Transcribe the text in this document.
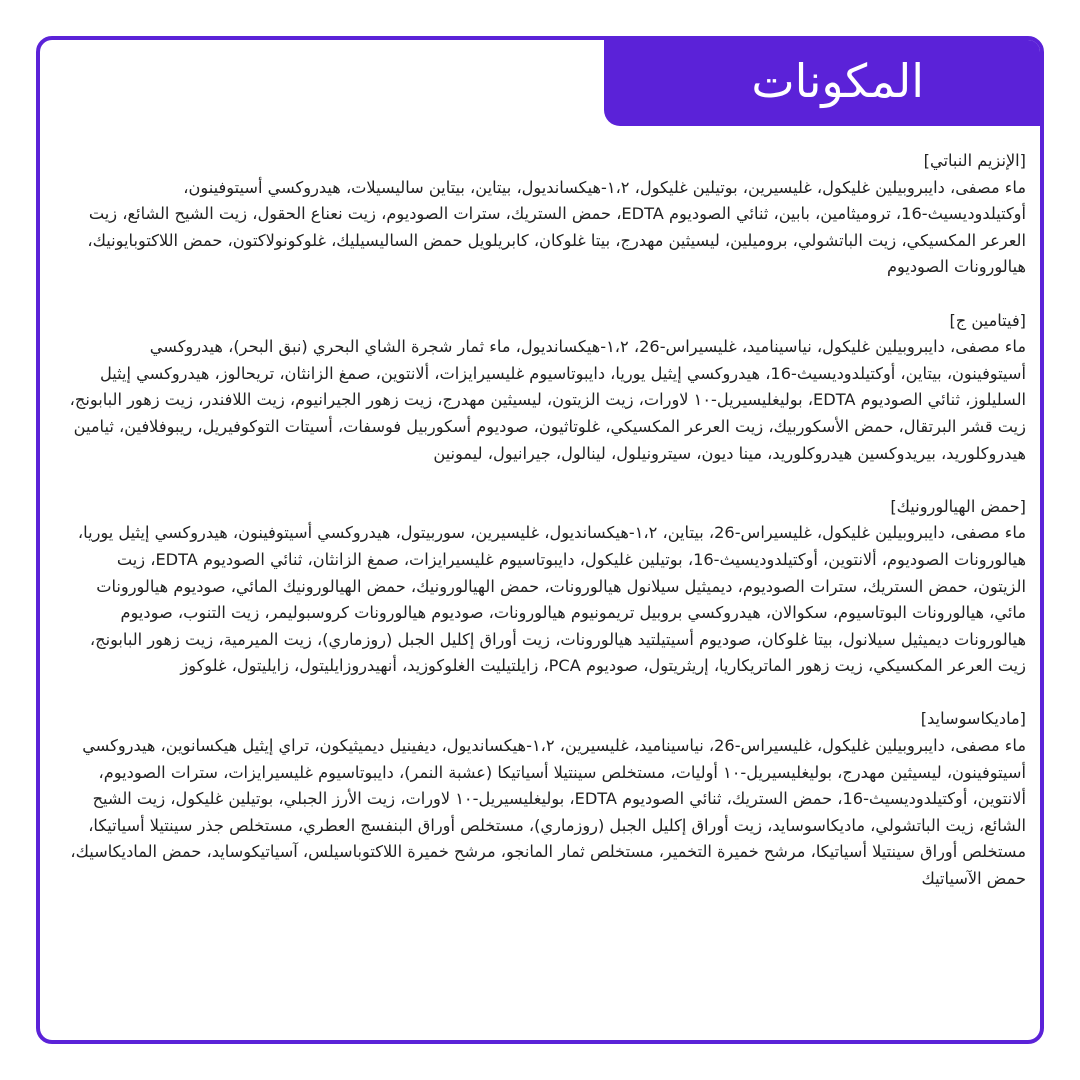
المكونات
[الإنزيم النباتي]
ماء مصفى، دايبروبيلين غليكول، غليسيرين، بوتيلين غليكول، ١،٢-هيكسانديول، بيتاين، بيتاين ساليسيلات، هيدروكسي أسيتوفينون، أوكتيلدوديسيث-16، ترومیثامین، بابین، ثنائي الصوديوم EDTA، حمض الستريك، سترات الصوديوم، زيت نعناع الحقول، زيت الشيح الشائع، زيت العرعر المكسيكي، زيت الباتشولي، بروميلين، ليسيثين مهدرج، بيتا غلوكان، كابريلويل حمض الساليسيليك، غلوكونولاكتون، حمض اللاكتوبايونيك، هيالورونات الصوديوم
[فيتامين ج]
ماء مصفى، دايبروبيلين غليكول، نياسيناميد، غليسيراس-26، ١،٢-هيكسانديول، ماء ثمار شجرة الشاي البحري (نبق البحر)، هيدروكسي أسيتوفينون، بيتاين، أوكتيلدوديسيث-16، هيدروكسي إيثيل يوريا، دايبوتاسيوم غليسيرايزات، ألانتوين، صمغ الزانثان، تريحالوز، هيدروكسي إيثيل السليلوز، ثنائي الصوديوم EDTA، بوليغليسيريل-١٠ لاورات، زيت الزيتون، ليسيثين مهدرج، زيت زهور الجيرانيوم، زيت اللافندر، زيت زهور البابونج، زيت قشر البرتقال، حمض الأسكوربيك، زيت العرعر المكسيكي، غلوتاثيون، صوديوم أسكوربيل فوسفات، أسيتات التوكوفيريل، ريبوفلافين، ثيامين هيدروكلوريد، بيريدوكسين هيدروكلوريد، مينا ديون، سيترونيلول، لينالول، جيرانيول، ليمونين
[حمض الهيالورونيك]
ماء مصفى، دايبروبيلين غليكول، غليسيراس-26، بيتاين، ١،٢-هيكسانديول، غليسيرين، سوربيتول، هيدروكسي أسيتوفينون، هيدروكسي إيثيل يوريا، هيالورونات الصوديوم، ألانتوين، أوكتيلدوديسيث-16، بوتيلين غليكول، دايبوتاسيوم غليسيرايزات، صمغ الزانثان، ثنائي الصوديوم EDTA، زيت الزيتون، حمض الستريك، سترات الصوديوم، ديميثيل سيلانول هيالورونات، حمض الهيالورونيك، حمض الهيالورونيك المائي، صوديوم هيالورونات مائي، هيالورونات البوتاسيوم، سكوالان، هيدروكسي بروبيل تريمونيوم هيالورونات، صوديوم هيالورونات كروسبوليمر، زيت التنوب، صوديوم هيالورونات ديميثيل سيلانول، بيتا غلوكان، صوديوم أسيتيلتيد هيالورونات، زيت أوراق إكليل الجبل (روزماري)، زيت الميرمية، زيت زهور البابونج، زيت العرعر المكسيكي، زيت زهور الماتريكاريا، إريثريتول، صوديوم PCA، زايلتيليت الغلوكوزيد، أنهيدروزايليتول، زايليتول، غلوكوز
[ماديكاسوسايد]
ماء مصفى، دايبروبيلين غليكول، غليسيراس-26، نياسيناميد، غليسيرين، ١،٢-هيكسانديول، ديفينيل ديميثيكون، تراي إيثيل هيكسانوين، هيدروكسي أسيتوفينون، ليسيثين مهدرج، بوليغليسيريل-١٠ أوليات، مستخلص سينتيلا أسياتيكا (عشبة النمر)، دايبوتاسيوم غليسيرايزات، سترات الصوديوم، ألانتوين، أوكتيلدوديسيث-16، حمض الستريك، ثنائي الصوديوم EDTA، بوليغليسيريل-١٠ لاورات، زيت الأرز الجبلي، بوتيلين غليكول، زيت الشيح الشائع، زيت الباتشولي، ماديكاسوسايد، زيت أوراق إكليل الجبل (روزماري)، مستخلص أوراق البنفسج العطري، مستخلص جذر سينتيلا أسياتيكا، مستخلص أوراق سينتيلا أسياتيكا، مرشح خميرة التخمير، مستخلص ثمار المانجو، مرشح خميرة اللاكتوباسيلس، آسياتيكوسايد، حمض الماديكاسيك، حمض الآسياتيك
